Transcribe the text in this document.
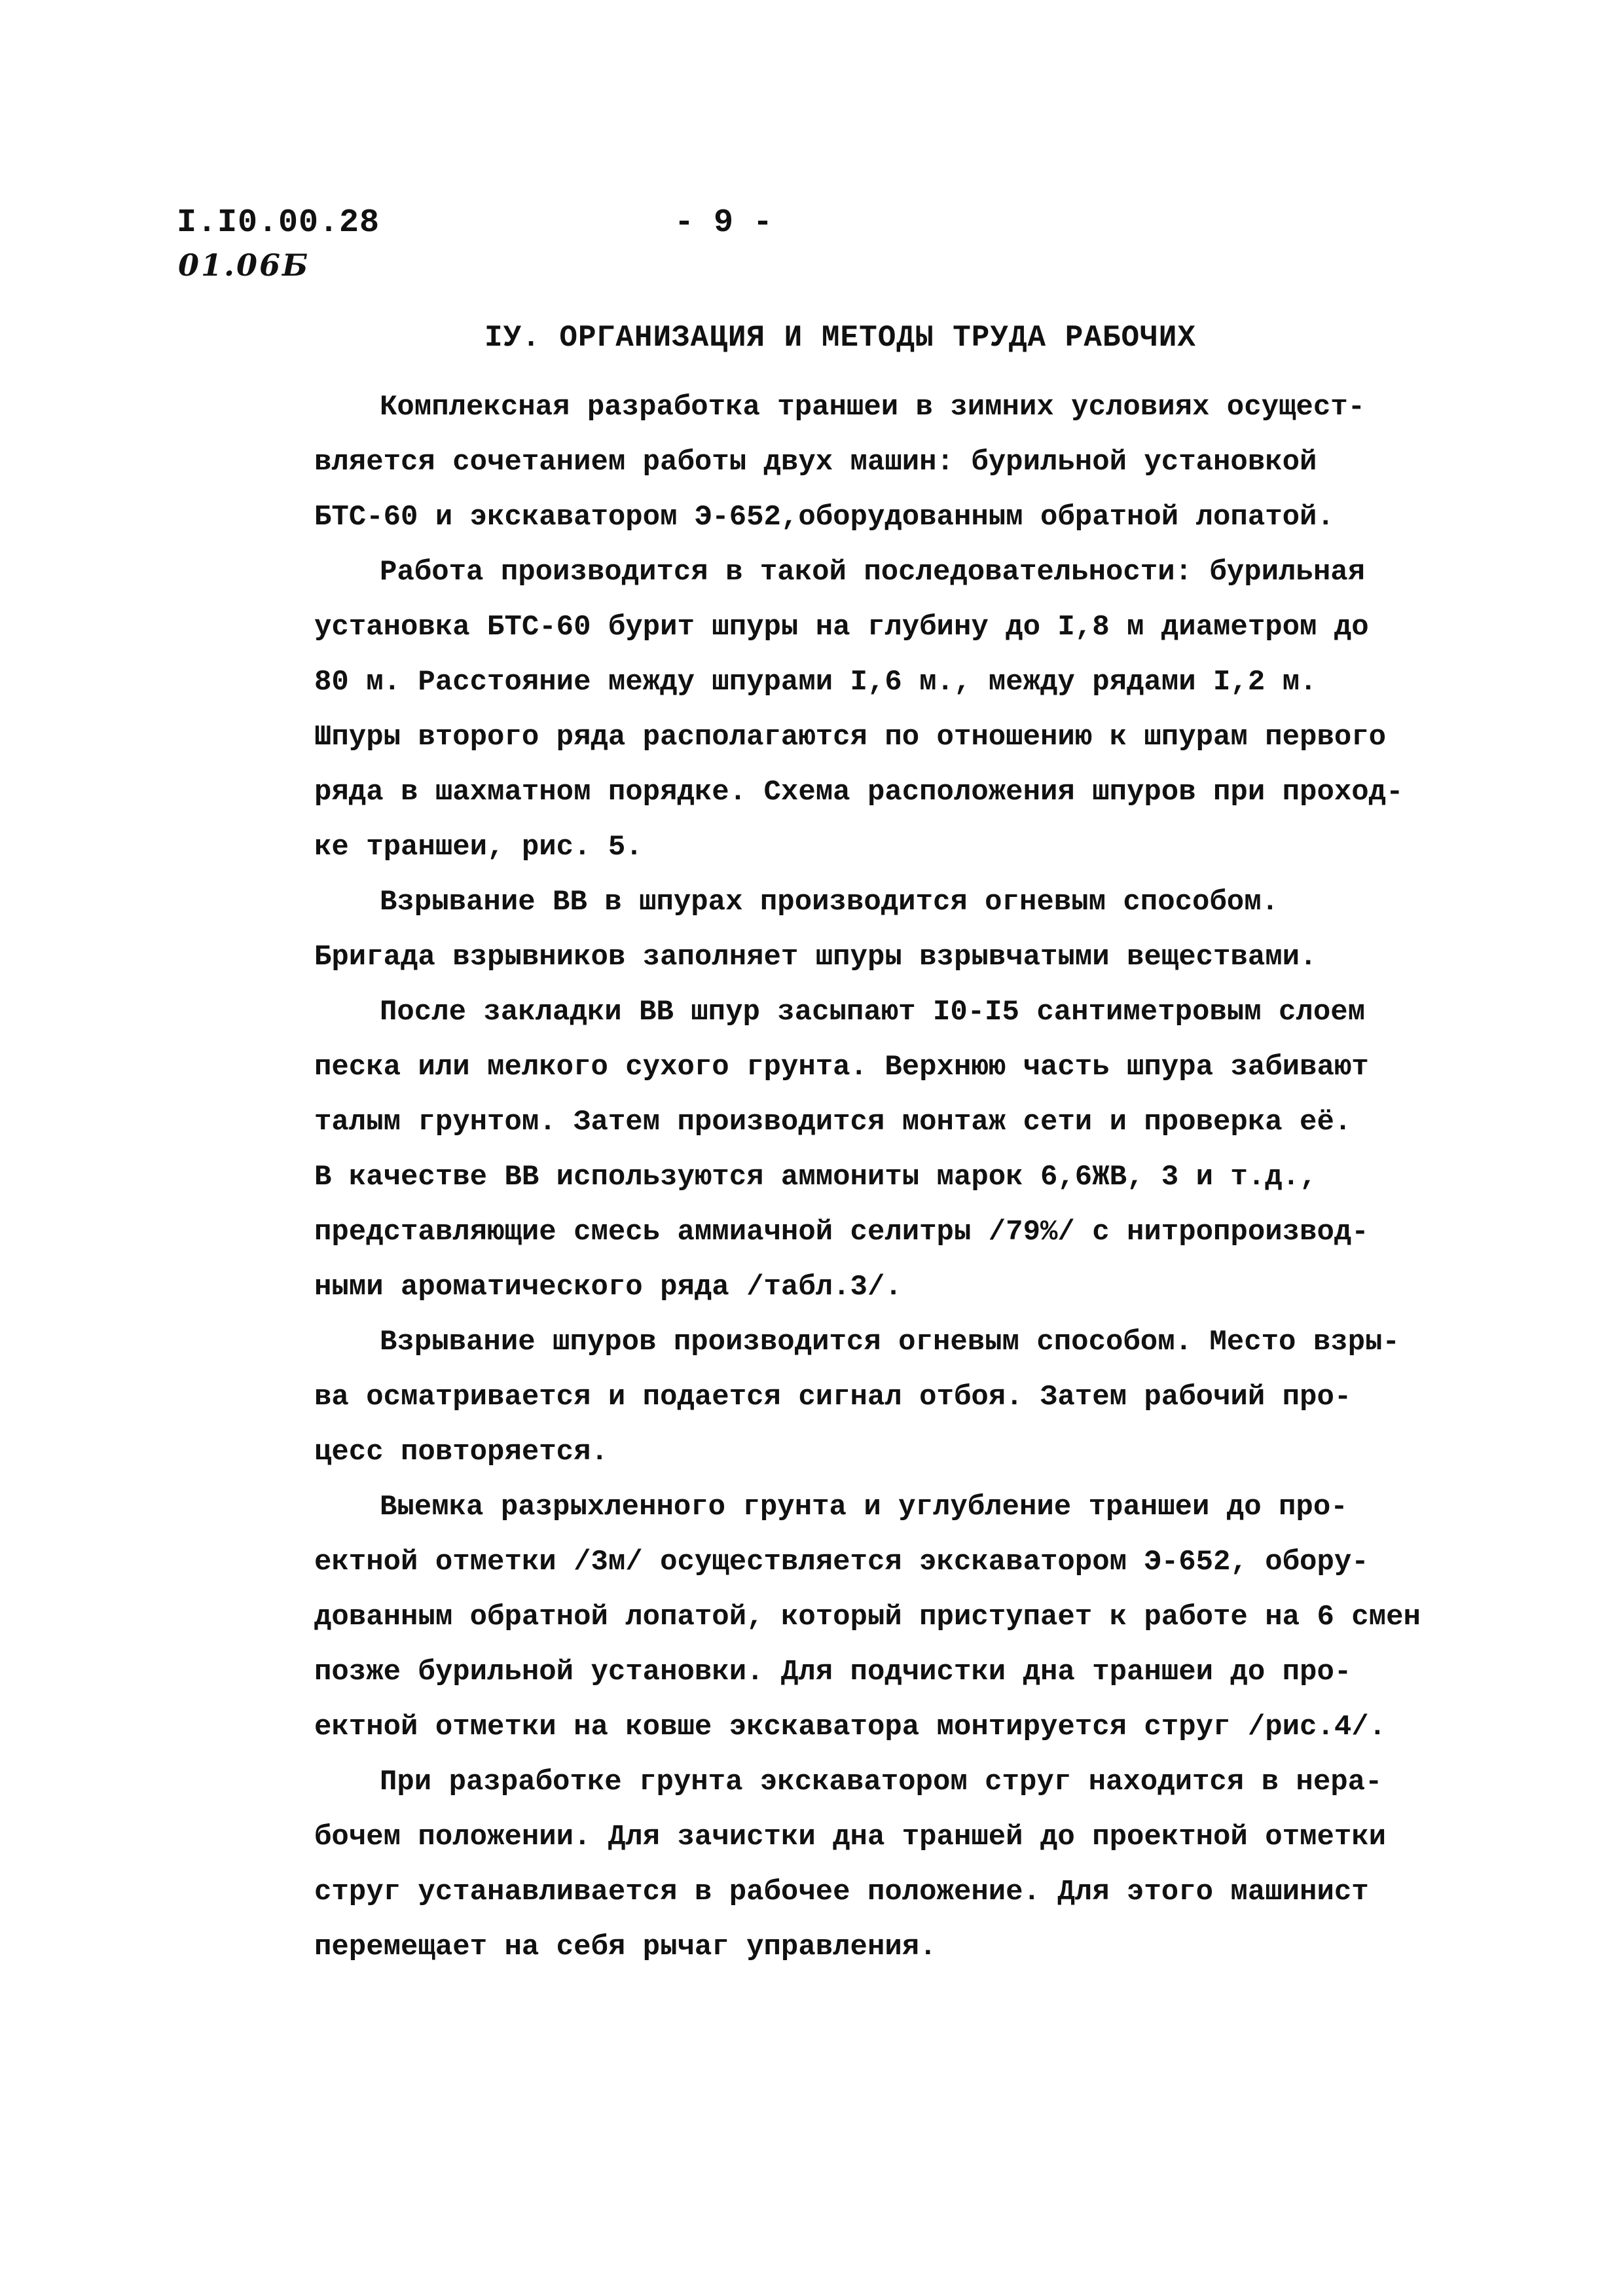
I.I0.00.28
01.06Б
- 9 -
IУ. ОРГАНИЗАЦИЯ И МЕТОДЫ ТРУДА РАБОЧИХ
Комплексная разработка траншеи в зимних условиях осущест-
вляется сочетанием работы двух машин: бурильной установкой
БТС-60 и экскаватором Э-652,оборудованным обратной лопатой.
Работа производится в такой последовательности: бурильная
установка БТС-60 бурит шпуры на глубину до I,8 м диаметром до
80 м. Расстояние между шпурами I,6 м., между рядами I,2 м.
Шпуры второго ряда располагаются по отношению к шпурам первого
ряда в шахматном порядке. Схема расположения шпуров при проход-
ке траншеи, рис. 5.
Взрывание ВВ в шпурах производится огневым способом.
Бригада взрывников заполняет шпуры взрывчатыми веществами.
После закладки ВВ шпур засыпают I0-I5 сантиметровым слоем
песка или мелкого сухого грунта. Верхнюю часть шпура забивают
талым грунтом. Затем производится монтаж сети и проверка её.
В качестве ВВ используются аммониты марок 6,6ЖВ, 3 и т.д.,
представляющие смесь аммиачной селитры /79%/ с нитропроизвод-
ными ароматического ряда /табл.3/.
Взрывание шпуров производится огневым способом. Место взры-
ва осматривается и подается сигнал отбоя. Затем рабочий про-
цесс повторяется.
Выемка разрыхленного грунта и углубление траншеи до про-
ектной отметки /3м/ осуществляется экскаватором Э-652, обору-
дованным обратной лопатой, который приступает к работе на 6 смен
позже бурильной установки. Для подчистки дна траншеи до про-
ектной отметки на ковше экскаватора монтируется струг /рис.4/.
При разработке грунта экскаватором струг находится в нера-
бочем положении. Для зачистки дна траншей до проектной отметки
струг устанавливается в рабочее положение. Для этого машинист
перемещает на себя рычаг управления.
